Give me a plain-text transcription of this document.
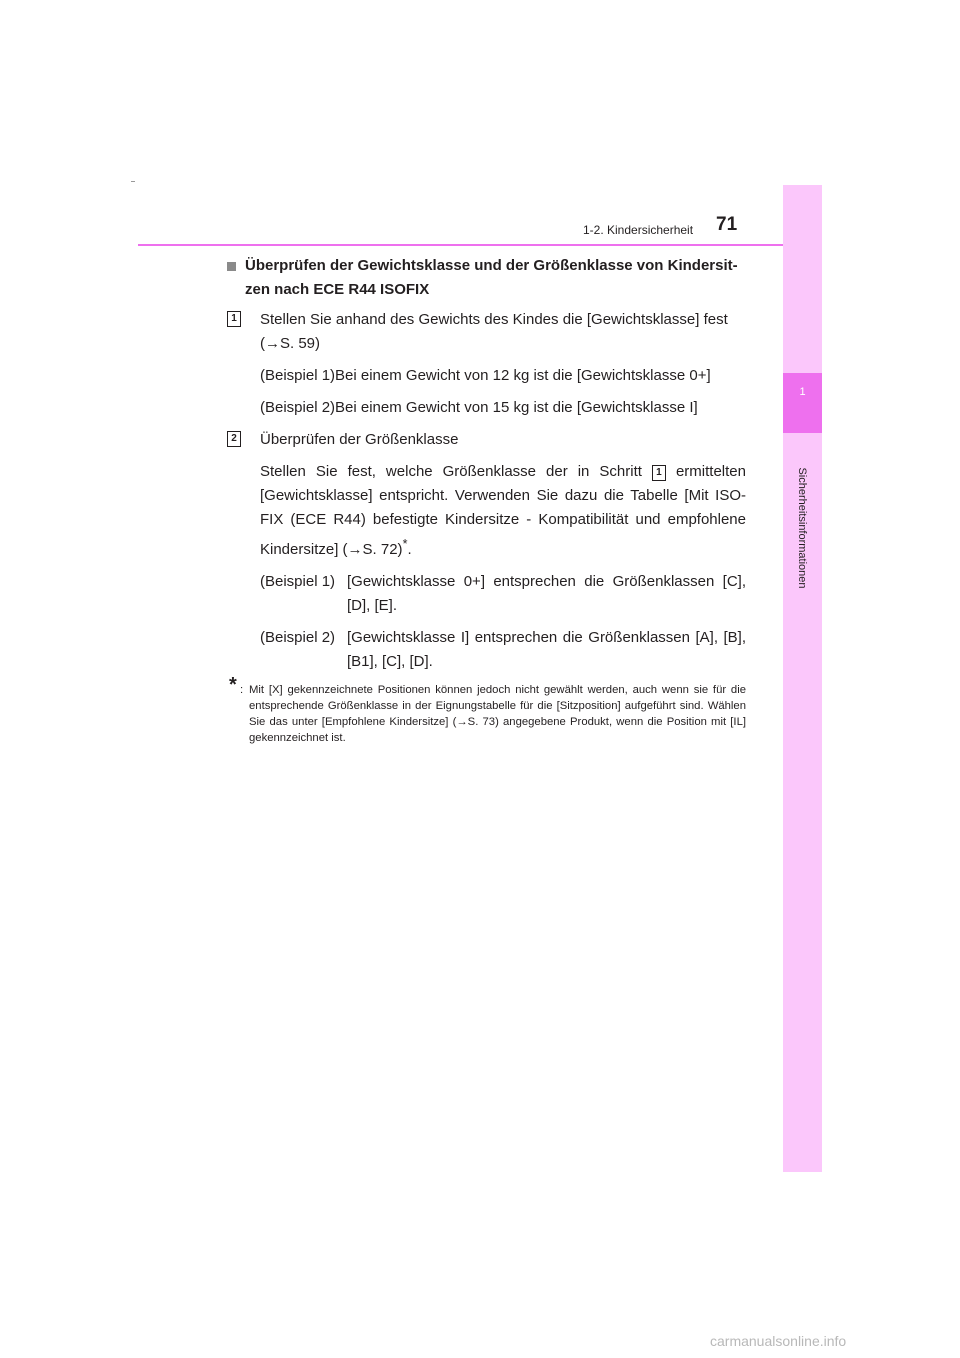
1-2. Kindersicherheit 71
1
Sicherheitsinformationen
Überprüfen der Gewichtsklasse und der Größenklasse von Kindersit-zen nach ECE R44 ISOFIX
1 Stellen Sie anhand des Gewichts des Kindes die [Gewichtsklasse] fest
(→S. 59)

(Beispiel 1)Bei einem Gewicht von 12 kg ist die [Gewichtsklasse 0+]

(Beispiel 2)Bei einem Gewicht von 15 kg ist die [Gewichtsklasse I]

2 Überprüfen der Größenklasse

Stellen Sie fest, welche Größenklasse der in Schritt 1 ermittelten [Gewichtsklasse] entspricht. Verwenden Sie dazu die Tabelle [Mit ISO-FIX (ECE R44) befestigte Kindersitze - Kompatibilität und empfohlene Kindersitze] (→S. 72)*.

(Beispiel 1) [Gewichtsklasse 0+] entsprechen die Größenklassen [C], [D], [E].
(Beispiel 2) [Gewichtsklasse I] entsprechen die Größenklassen [A], [B], [B1], [C], [D].
* : Mit [X] gekennzeichnete Positionen können jedoch nicht gewählt werden, auch wenn sie für die entsprechende Größenklasse in der Eignungstabelle für die [Sitzposition] aufgeführt sind. Wählen Sie das unter [Empfohlene Kindersitze] (→S. 73) angegebene Produkt, wenn die Position mit [IL] gekennzeichnet ist.
carmanualsonline.info
